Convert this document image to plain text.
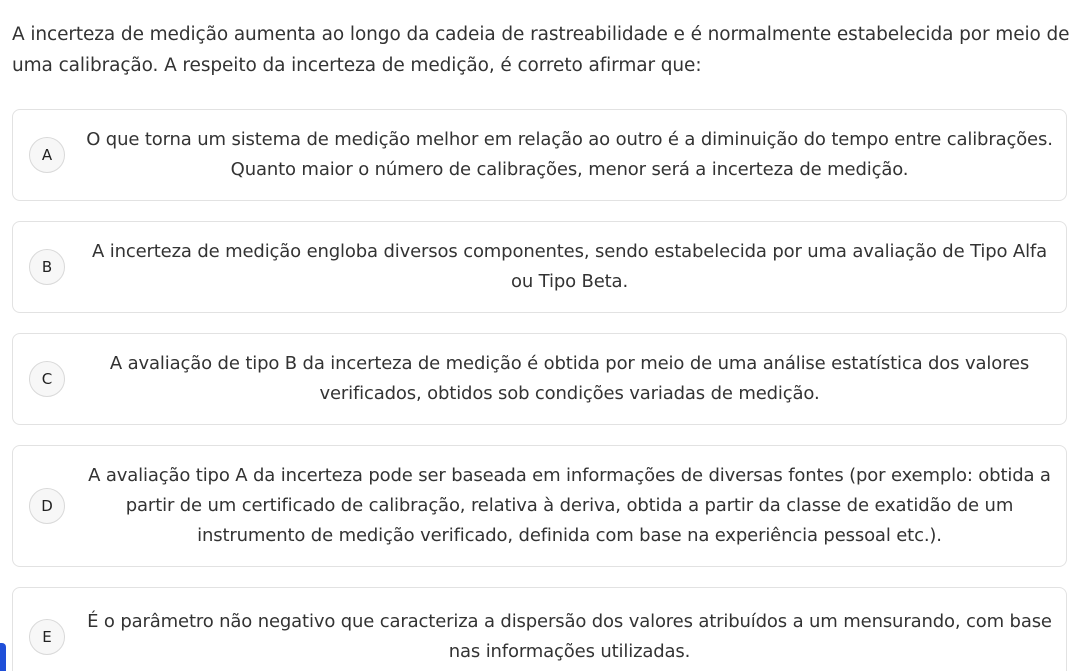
A incerteza de medição aumenta ao longo da cadeia de rastreabilidade e é normalmente estabelecida por meio de uma calibração. A respeito da incerteza de medição, é correto afirmar que:
A
O que torna um sistema de medição melhor em relação ao outro é a diminuição do tempo entre calibrações. Quanto maior o número de calibrações, menor será a incerteza de medição.
B
A incerteza de medição engloba diversos componentes, sendo estabelecida por uma avaliação de Tipo Alfa ou Tipo Beta.
C
A avaliação de tipo B da incerteza de medição é obtida por meio de uma análise estatística dos valores verificados, obtidos sob condições variadas de medição.
D
A avaliação tipo A da incerteza pode ser baseada em informações de diversas fontes (por exemplo: obtida a partir de um certificado de calibração, relativa à deriva, obtida a partir da classe de exatidão de um instrumento de medição verificado, definida com base na experiência pessoal etc.).
E
É o parâmetro não negativo que caracteriza a dispersão dos valores atribuídos a um mensurando, com base nas informações utilizadas.
